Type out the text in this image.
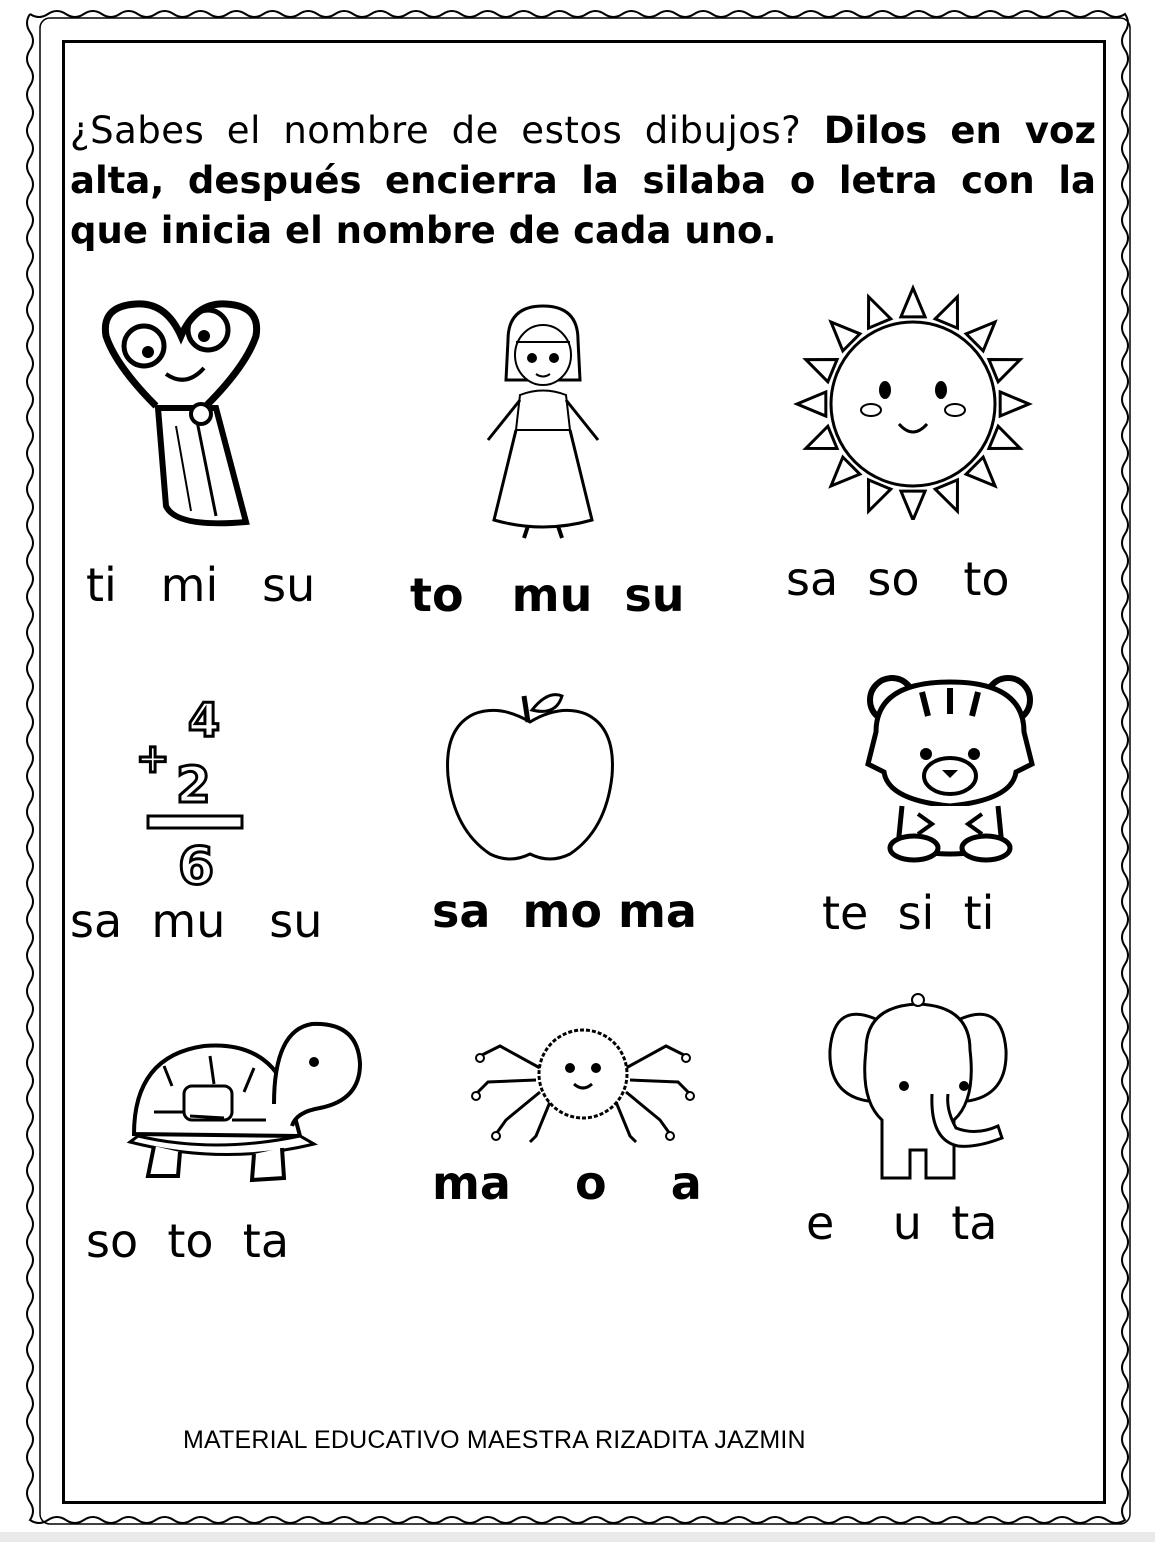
¿Sabes el nombre de estos dibujos? Dilos en voz alta, después encierra la silaba o letra con la que inicia el nombre de cada uno.
ti   mi   su to   mu  su sa  so   to
4
+ 2
6
sa  mu   su sa  mo ma	te  si  ti
so  to  ta
ma    o    a
e    u  ta
MATERIAL EDUCATIVO MAESTRA RIZADITA JAZMIN
